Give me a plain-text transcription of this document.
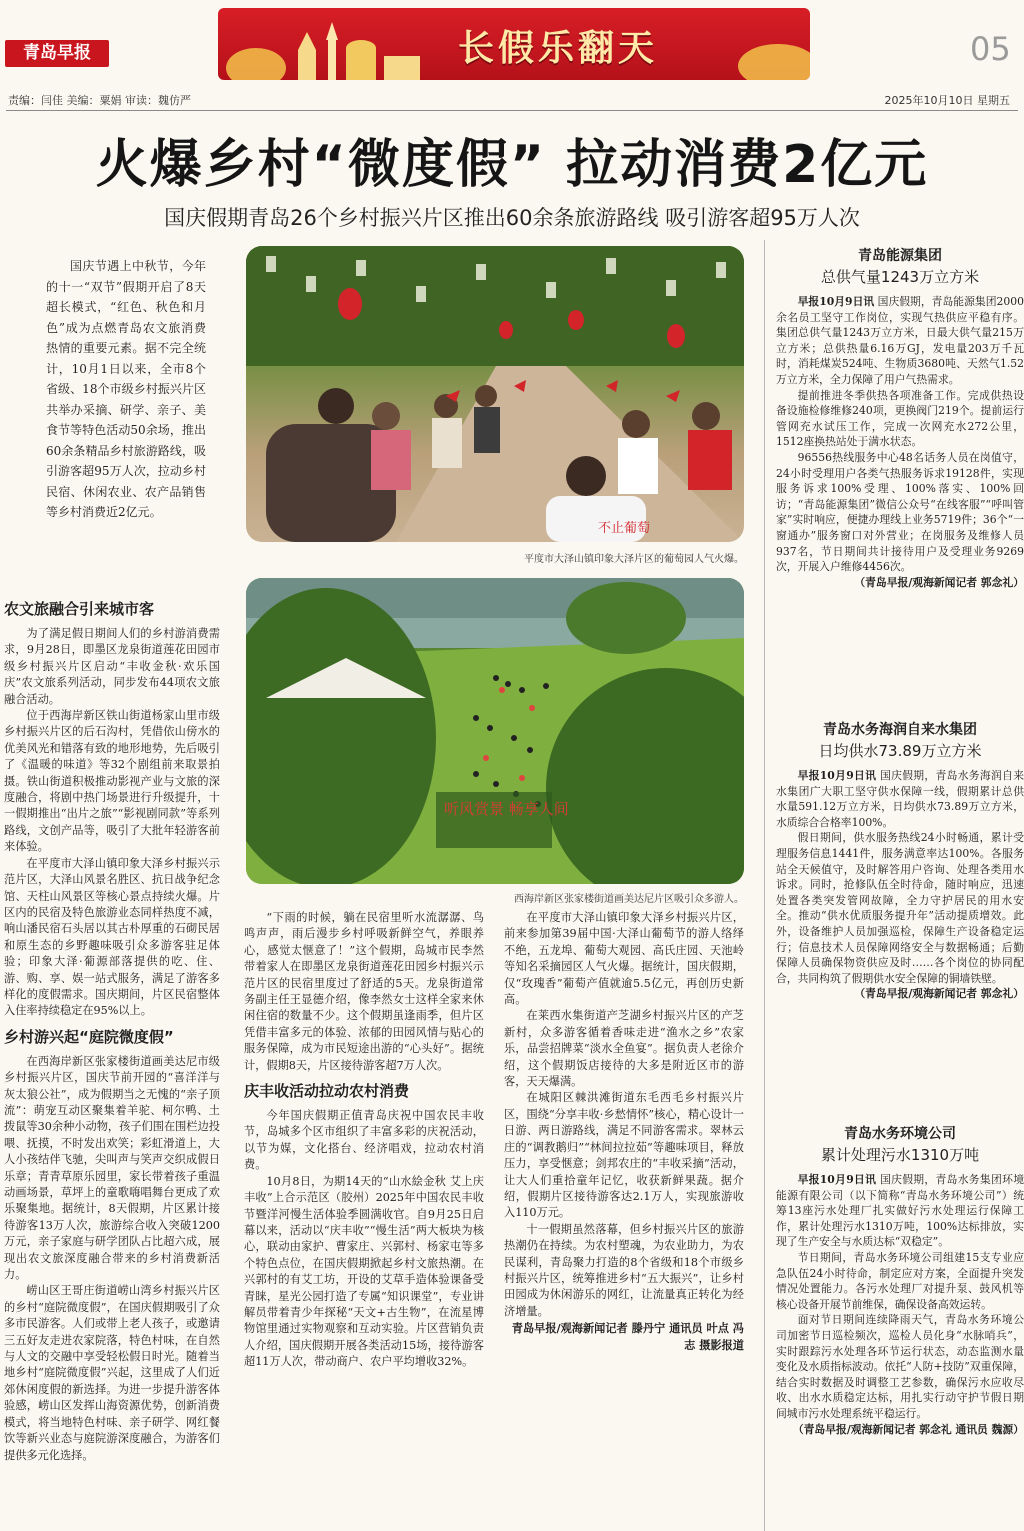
青岛早报	长假乐翻天	05
责编：闫佳 美编：粟娟 审读：魏仿严	2025年10月10日 星期五
火爆乡村“微度假” 拉动消费2亿元
国庆假期青岛26个乡村振兴片区推出60余条旅游路线 吸引游客超95万人次
国庆节遇上中秋节，今年的十一“双节”假期开启了8天超长模式，“红色、秋色和月色”成为点燃青岛农文旅消费热情的重要元素。据不完全统计，10月1日以来，全市8个省级、18个市级乡村振兴片区共举办采摘、研学、亲子、美食节等特色活动50余场，推出60余条精品乡村旅游路线，吸引游客超95万人次，拉动乡村民宿、休闲农业、农产品销售等乡村消费近2亿元。
不止葡萄
平度市大泽山镇印象大泽片区的葡萄园人气火爆。
听风赏景 畅享人间
西海岸新区张家楼街道画美达尼片区吸引众多游人。
农文旅融合引来城市客

为了满足假日期间人们的乡村游消费需求，9月28日，即墨区龙泉街道莲花田园市级乡村振兴片区启动“丰收金秋·欢乐国庆”农文旅系列活动，同步发布44项农文旅融合活动。

位于西海岸新区铁山街道杨家山里市级乡村振兴片区的后石沟村，凭借依山傍水的优美风光和错落有致的地形地势，先后吸引了《温暖的味道》等32个剧组前来取景拍摄。铁山街道积极推动影视产业与文旅的深度融合，将剧中热门场景进行升级提升，十一假期推出“出片之旅”“影视剧同款”等系列路线，文创产品等，吸引了大批年轻游客前来体验。

在平度市大泽山镇印象大泽乡村振兴示范片区，大泽山风景名胜区、抗日战争纪念馆、天柱山风景区等核心景点持续火爆。片区内的民宿及特色旅游业态同样热度不减，响山潘民宿石头居以其古朴厚重的石砌民居和原生态的乡野趣味吸引众多游客驻足体验；印象大泽·葡源部落提供的吃、住、游、购、享、娱一站式服务，满足了游客多样化的度假需求。国庆期间，片区民宿整体入住率持续稳定在95%以上。

乡村游兴起“庭院微度假”

在西海岸新区张家楼街道画美达尼市级乡村振兴片区，国庆节前开园的“喜洋洋与灰太狼公社”，成为假期当之无愧的“亲子顶流”：萌宠互动区聚集着羊驼、柯尔鸭、土拨鼠等30余种小动物，孩子们围在围栏边投喂、抚摸，不时发出欢笑；彩虹滑道上，大人小孩结伴飞驰，尖叫声与笑声交织成假日乐章；青青草原乐园里，家长带着孩子重温动画场景，草坪上的童歌嗨唱舞台更成了欢乐聚集地。据统计，8天假期，片区累计接待游客13万人次，旅游综合收入突破1200万元，亲子家庭与研学团队占比超六成，展现出农文旅深度融合带来的乡村消费新活力。

崂山区王哥庄街道崂山湾乡村振兴片区的乡村“庭院微度假”，在国庆假期吸引了众多市民游客。人们或带上老人孩子，或邀请三五好友走进农家院落，特色村味，在自然与人文的交融中享受轻松假日时光。随着当地乡村“庭院微度假”兴起，这里成了人们近郊休闲度假的新选择。为进一步提升游客体验感，崂山区发挥山海资源优势，创新消费模式，将当地特色村味、亲子研学、网红餐饮等新兴业态与庭院游深度融合，为游客们提供多元化选择。

“下雨的时候，躺在民宿里听水流潺潺、鸟鸣声声，雨后漫步乡村呼吸新鲜空气，养眼养心，感觉太惬意了！”这个假期，岛城市民李然带着家人在即墨区龙泉街道莲花田园乡村振兴示范片区的民宿里度过了舒适的5天。龙泉街道常务副主任王显德介绍，像李然女士这样全家来休闲住宿的数量不少。这个假期虽逢雨季，但片区凭借丰富多元的体验、浓郁的田园风情与贴心的服务保障，成为市民短途出游的“心头好”。据统计，假期8天，片区接待游客超7万人次。

庆丰收活动拉动农村消费

今年国庆假期正值青岛庆祝中国农民丰收节，岛城多个区市组织了丰富多彩的庆祝活动，以节为媒，文化搭台、经济唱戏，拉动农村消费。

10月8日，为期14天的“山水絵金秋 艾上庆丰收”上合示范区（胶州）2025年中国农民丰收节暨洋河慢生活体验季圆满收官。自9月25日启幕以来，活动以“庆丰收”“慢生活”两大板块为核心，联动由家护、曹家庄、兴郭村、杨家屯等多个特色点位，在国庆假期掀起乡村文旅热潮。在兴郭村的有艾工坊，开设的艾草手造体验课备受青睐，星光公园打造了专属“知识课堂”，专业讲解员带着青少年探秘“天文+古生物”，在流星博物馆里通过实物观察和互动实验。片区营销负责人介绍，国庆假期开展各类活动15场，接待游客超11万人次，带动商户、农户平均增收32%。

在平度市大泽山镇印象大泽乡村振兴片区，前来参加第39届中国·大泽山葡萄节的游人络绎不绝，五龙埠、葡萄大观园、高氏庄园、天池岭等知名采摘园区人气火爆。据统计，国庆假期，仅“玫瑰香”葡萄产值就逾5.5亿元，再创历史新高。

在莱西水集街道产芝湖乡村振兴片区的产芝新村，众多游客循着香味走进“渔水之乡”农家乐，品尝招牌菜“淡水全鱼宴”。据负责人老徐介绍，这个假期饭店接待的大多是附近区市的游客，天天爆满。

在城阳区棘洪滩街道东毛西毛乡村振兴片区，围绕“分享丰收·乡愁情怀”核心，精心设计一日游、两日游路线，满足不同游客需求。翠林云庄的“调教鹅归”“林间拉拉茹”等趣味项目，释放压力，享受惬意；剑邦农庄的“丰收采摘”活动，让大人们重拾童年记忆，收获新鲜果蔬。据介绍，假期片区接待游客达2.1万人，实现旅游收入110万元。

十一假期虽然落幕，但乡村振兴片区的旅游热潮仍在持续。为农村塑魂，为农业助力，为农民谋利，青岛聚力打造的8个省级和18个市级乡村振兴片区，统筹推进乡村“五大振兴”，让乡村田园成为休闲游乐的网红，让流量真正转化为经济增量。

青岛早报/观海新闻记者 滕丹宁 通讯员 叶点 冯志 摄影报道

青岛能源集团
总供气量1243万立方米

早报10月9日讯 国庆假期，青岛能源集团2000余名员工坚守工作岗位，实现气热供应平稳有序。集团总供气量1243万立方米，日最大供气量215万立方米；总供热量6.16万GJ，发电量203万千瓦时，消耗煤炭524吨、生物质3680吨、天然气1.52万立方米，全力保障了用户气热需求。

提前推进冬季供热各项准备工作。完成供热设备设施检修维修240项，更换阀门219个。提前运行管网充水试压工作，完成一次网充水272公里，1512座换热站处于满水状态。

96556热线服务中心48名话务人员在岗值守，24小时受理用户各类气热服务诉求19128件，实现服务诉求100%受理、100%落实、100%回访；“青岛能源集团”微信公众号“在线客服”“呼叫管家”实时响应，便捷办理线上业务5719件；36个“一窗通办”服务窗口对外营业；在岗服务及维修人员937名，节日期间共计接待用户及受理业务9269次，开展入户维修4456次。

（青岛早报/观海新闻记者 郭念礼）

青岛水务海润自来水集团
日均供水73.89万立方米

早报10月9日讯 国庆假期，青岛水务海润自来水集团广大职工坚守供水保障一线，假期累计总供水量591.12万立方米，日均供水73.89万立方米，水质综合合格率100%。

假日期间，供水服务热线24小时畅通，累计受理服务信息1441件，服务满意率达100%。各服务站全天候值守，及时解答用户咨询、处理各类用水诉求。同时，抢修队伍全时待命，随时响应，迅速处置各类突发管网故障，全力守护居民的用水安全。推动“供水优质服务提升年”活动提质增效。此外，设备维护人员加强巡检，保障生产设备稳定运行；信息技术人员保障网络安全与数据畅通；后勤保障人员确保物资供应及时……各个岗位的协同配合，共同构筑了假期供水安全保障的铜墙铁壁。

（青岛早报/观海新闻记者 郭念礼）

青岛水务环境公司
累计处理污水1310万吨

早报10月9日讯 国庆假期，青岛水务集团环境能源有限公司（以下简称“青岛水务环境公司”）统筹13座污水处理厂扎实做好污水处理运行保障工作，累计处理污水1310万吨，100%达标排放，实现了生产安全与水质达标“双稳定”。

节日期间，青岛水务环境公司组建15支专业应急队伍24小时待命，制定应对方案，全面提升突发情况处置能力。各污水处理厂对提升泵、鼓风机等核心设备开展节前维保，确保设备高效运转。

面对节日期间连续降雨天气，青岛水务环境公司加密节日巡检频次，巡检人员化身“水脉哨兵”，实时跟踪污水处理各环节运行状态，动态监测水量变化及水质指标波动。依托“人防+技防”双重保障，结合实时数据及时调整工艺参数，确保污水应收尽收、出水水质稳定达标，用扎实行动守护节假日期间城市污水处理系统平稳运行。

（青岛早报/观海新闻记者 郭念礼 通讯员 魏源）
